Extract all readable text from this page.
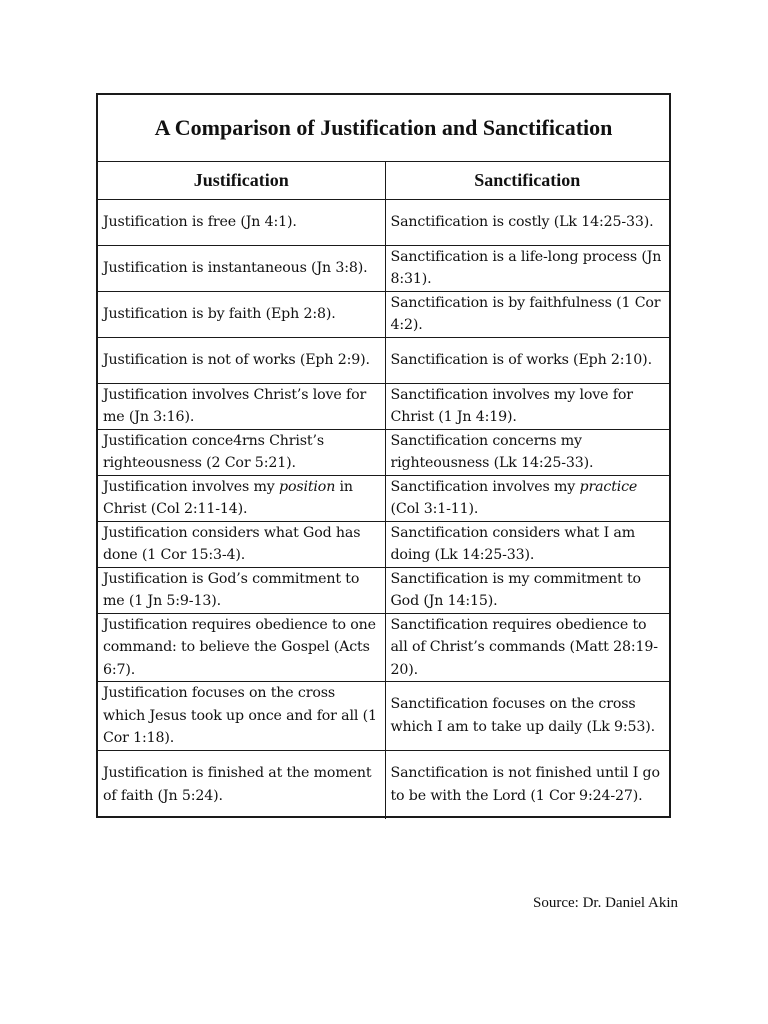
A Comparison of Justification and Sanctification
Justification	Sanctification
Justification is free (Jn 4:1).	Sanctification is costly (Lk 14:25-33).
Justification is instantaneous (Jn 3:8).	Sanctification is a life-long process (Jn 8:31).
Justification is by faith (Eph 2:8).	Sanctification is by faithfulness (1 Cor 4:2).
Justification is not of works (Eph 2:9).	Sanctification is of works (Eph 2:10).
Justification involves Christ’s love for me (Jn 3:16).	Sanctification involves my love for Christ (1 Jn 4:19).
Justification conce4rns Christ’s righteousness (2 Cor 5:21).	Sanctification concerns my righteousness (Lk 14:25-33).
Justification involves my position in Christ (Col 2:11-14).	Sanctification involves my practice (Col 3:1-11).
Justification considers what God has done (1 Cor 15:3-4).	Sanctification considers what I am doing (Lk 14:25-33).
Justification is God’s commitment to me (1 Jn 5:9-13).	Sanctification is my commitment to God (Jn 14:15).
Justification requires obedience to one command: to believe the Gospel (Acts 6:7).	Sanctification requires obedience to all of Christ’s commands (Matt 28:19-20).
Justification focuses on the cross which Jesus took up once and for all (1 Cor 1:18).	Sanctification focuses on the cross which I am to take up daily (Lk 9:53).
Justification is finished at the moment of faith (Jn 5:24).	Sanctification is not finished until I go to be with the Lord (1 Cor 9:24-27).
Source: Dr. Daniel Akin
